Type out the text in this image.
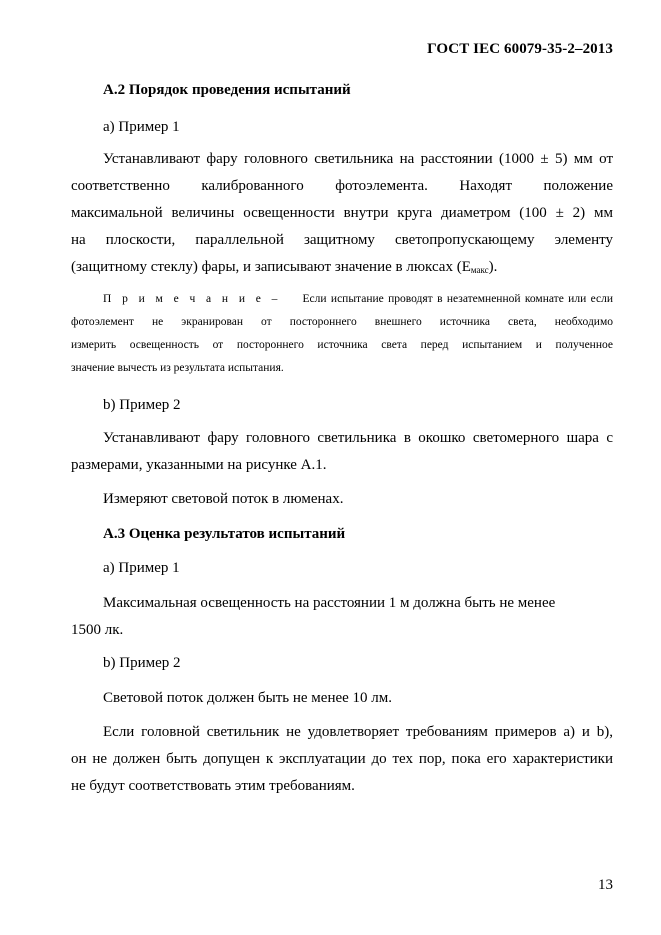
ГОСТ IEC 60079-35-2–2013
А.2 Порядок проведения испытаний
а) Пример 1
Устанавливают фару головного светильника на расстоянии (1000 ± 5) мм от
соответственно калиброванного фотоэлемента. Находят положение
максимальной величины освещенности внутри круга диаметром (100 ± 2) мм
на плоскости, параллельной защитному светопропускающему элементу
(защитному стеклу) фары, и записывают значение в люксах $(E_{макс})$.
П р и м е ч а н и е – Если испытание проводят в незатемненной комнате или если
фотоэлемент не экранирован от постороннего внешнего источника света, необходимо
измерить освещенность от постороннего источника света перед испытанием и полученное
значение вычесть из результата испытания.
b) Пример 2
Устанавливают фару головного светильника в окошко светомерного шара с
размерами, указанными на рисунке А.1.
Измеряют световой поток в люменах.
А.3 Оценка результатов испытаний
а) Пример 1
Максимальная освещенность на расстоянии 1 м должна быть не менее
1500 лк.
b) Пример 2
Световой поток должен быть не менее 10 лм.
Если головной светильник не удовлетворяет требованиям примеров а) и b),
он не должен быть допущен к эксплуатации до тех пор, пока его характеристики
не будут соответствовать этим требованиям.
13
